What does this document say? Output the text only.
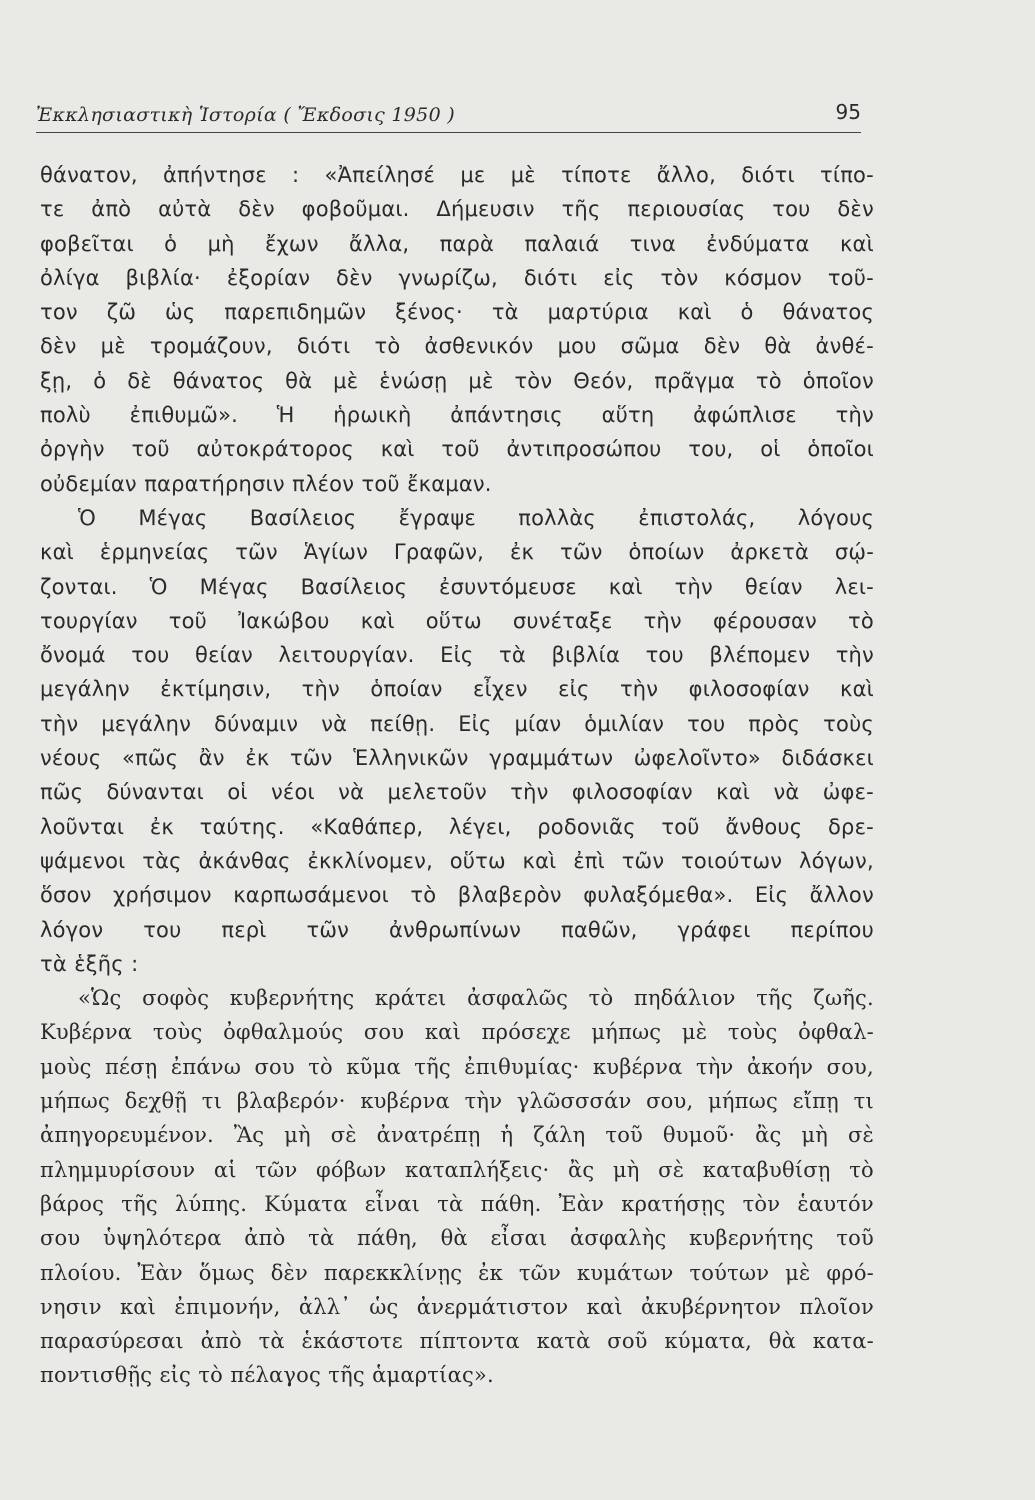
Ἐκκλησιαστικὴ Ἱστορία ( Ἔκδοσις 1950 )	95
θάνατον, ἀπήντησε : «Ἀπείλησέ με μὲ τίποτε ἄλλο, διότι τίπο-
τε ἀπὸ αὐτὰ δὲν φοβοῦμαι. Δήμευσιν τῆς περιουσίας του δὲν
φοβεῖται ὁ μὴ ἔχων ἄλλα, παρὰ παλαιά τινα ἐνδύματα καὶ
ὀλίγα βιβλία· ἐξορίαν δὲν γνωρίζω, διότι εἰς τὸν κόσμον τοῦ-
τον ζῶ ὡς παρεπιδημῶν ξένος· τὰ μαρτύρια καὶ ὁ θάνατος
δὲν μὲ τρομάζουν, διότι τὸ ἀσθενικόν μου σῶμα δὲν θὰ ἀνθέ-
ξῃ, ὁ δὲ θάνατος θὰ μὲ ἑνώσῃ μὲ τὸν Θεόν, πρᾶγμα τὸ ὁποῖον
πολὺ ἐπιθυμῶ». Ἡ ἡρωικὴ ἀπάντησις αὕτη ἀφώπλισε τὴν
ὀργὴν τοῦ αὐτοκράτορος καὶ τοῦ ἀντιπροσώπου του, οἱ ὁποῖοι
οὐδεμίαν παρατήρησιν πλέον τοῦ ἔκαμαν.
Ὁ Μέγας Βασίλειος ἔγραψε πολλὰς ἐπιστολάς, λόγους
καὶ ἑρμηνείας τῶν Ἁγίων Γραφῶν, ἐκ τῶν ὁποίων ἀρκετὰ σῴ-
ζονται. Ὁ Μέγας Βασίλειος ἐσυντόμευσε καὶ τὴν θείαν λει-
τουργίαν τοῦ Ἰακώβου καὶ οὕτω συνέταξε τὴν φέρουσαν τὸ
ὄνομά του θείαν λειτουργίαν. Εἰς τὰ βιβλία του βλέπομεν τὴν
μεγάλην ἐκτίμησιν, τὴν ὁποίαν εἶχεν εἰς τὴν φιλοσοφίαν καὶ
τὴν μεγάλην δύναμιν νὰ πείθῃ. Εἰς μίαν ὁμιλίαν του πρὸς τοὺς
νέους «πῶς ἂν ἐκ τῶν Ἑλληνικῶν γραμμάτων ὠφελοῖντο» διδάσκει
πῶς δύνανται οἱ νέοι νὰ μελετοῦν τὴν φιλοσοφίαν καὶ νὰ ὠφε-
λοῦνται ἐκ ταύτης. «Καθάπερ, λέγει, ροδονιᾶς τοῦ ἄνθους δρε-
ψάμενοι τὰς ἀκάνθας ἐκκλίνομεν, οὕτω καὶ ἐπὶ τῶν τοιούτων λόγων,
ὅσον χρήσιμον καρπωσάμενοι τὸ βλαβερὸν φυλαξόμεθα». Εἰς ἄλλον
λόγον του περὶ τῶν ἀνθρωπίνων παθῶν, γράφει περίπου
τὰ ἑξῆς :
«Ὡς σοφὸς κυβερνήτης κράτει ἀσφαλῶς τὸ πηδάλιον τῆς ζωῆς.
Κυβέρνα τοὺς ὀφθαλμούς σου καὶ πρόσεχε μήπως μὲ τοὺς ὀφθαλ-
μοὺς πέσῃ ἐπάνω σου τὸ κῦμα τῆς ἐπιθυμίας· κυβέρνα τὴν ἀκοήν σου,
μήπως δεχθῇ τι βλαβερόν· κυβέρνα τὴν γλῶσσσάν σου, μήπως εἴπῃ τι
ἀπηγορευμένον. Ἂς μὴ σὲ ἀνατρέπῃ ἡ ζάλη τοῦ θυμοῦ· ἂς μὴ σὲ
πλημμυρίσουν αἱ τῶν φόβων καταπλήξεις· ἂς μὴ σὲ καταβυθίσῃ τὸ
βάρος τῆς λύπης. Κύματα εἶναι τὰ πάθη. Ἐὰν κρατήσῃς τὸν ἑαυτόν
σου ὑψηλότερα ἀπὸ τὰ πάθη, θὰ εἶσαι ἀσφαλὴς κυβερνήτης τοῦ
πλοίου. Ἐὰν ὅμως δὲν παρεκκλίνῃς ἐκ τῶν κυμάτων τούτων μὲ φρό-
νησιν καὶ ἐπιμονήν, ἀλλ᾿ ὡς ἀνερμάτιστον καὶ ἀκυβέρνητον πλοῖον
παρασύρεσαι ἀπὸ τὰ ἑκάστοτε πίπτοντα κατὰ σοῦ κύματα, θὰ κατα-
ποντισθῇς εἰς τὸ πέλαγος τῆς ἁμαρτίας».
